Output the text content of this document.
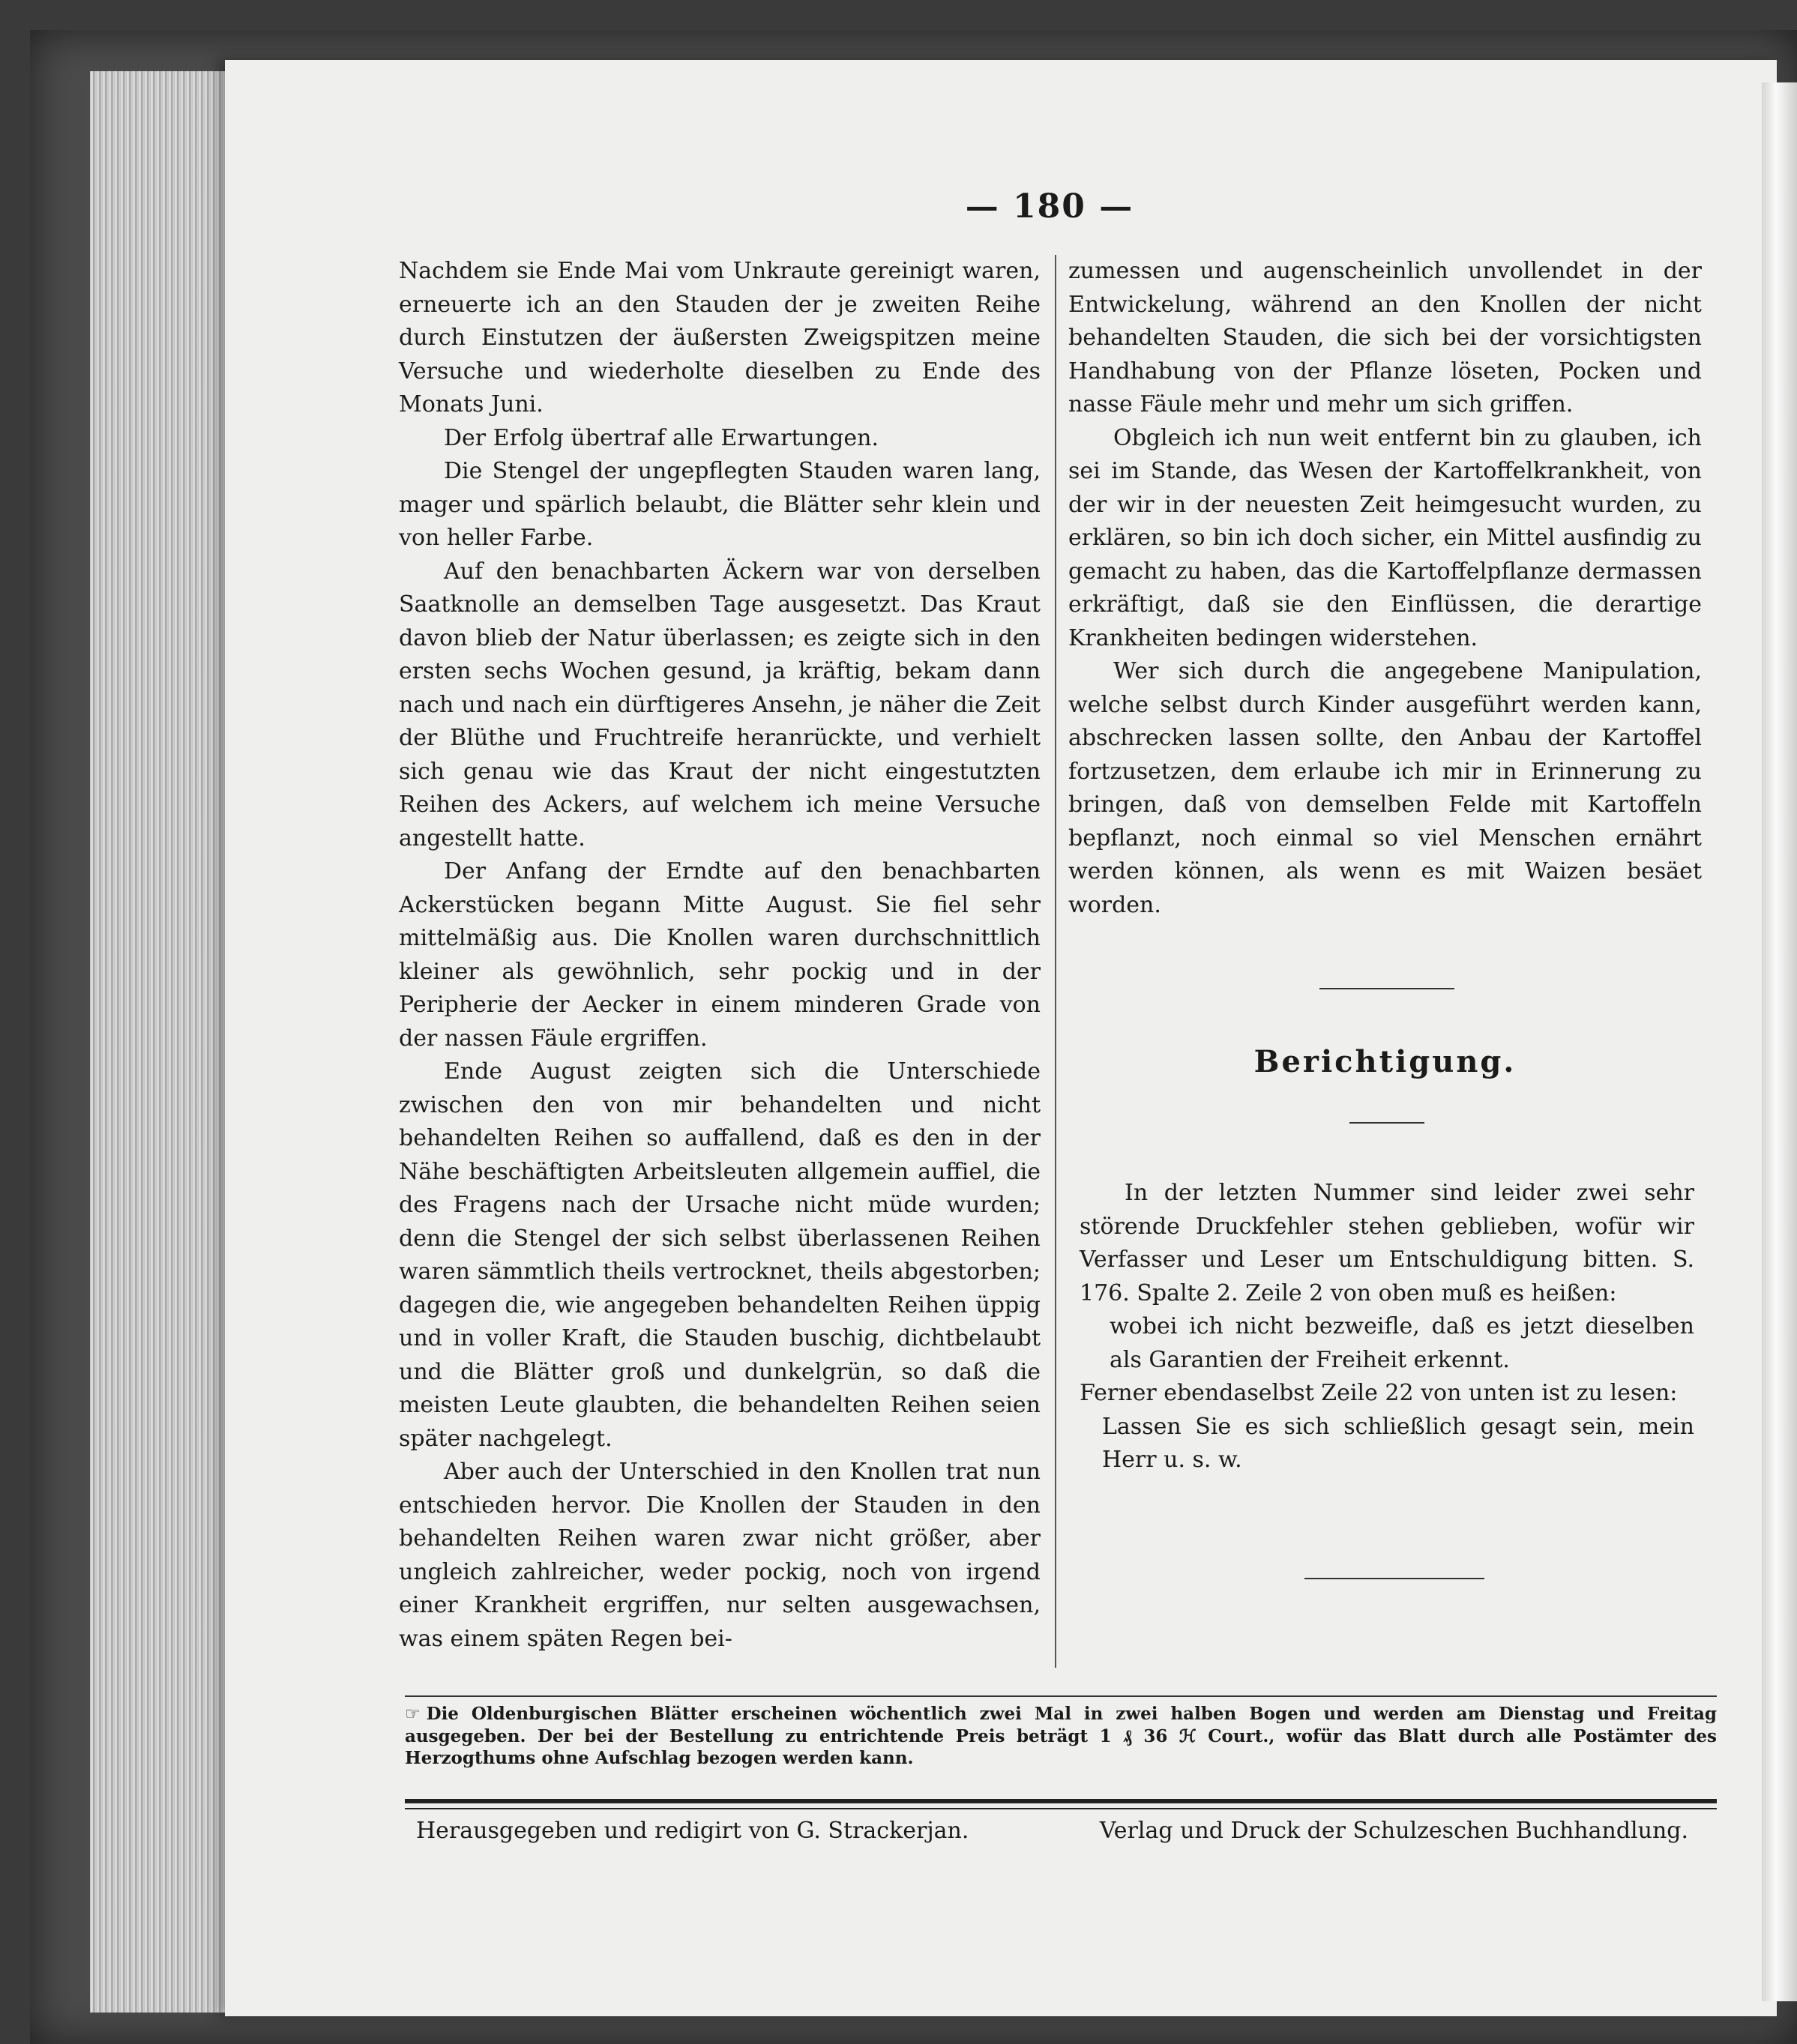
— 180 —

Nachdem sie Ende Mai vom Unkraute gereinigt waren, erneuerte ich an den Stauden der je zweiten Reihe durch Einstutzen der äußersten Zweigspitzen meine Versuche und wiederholte dieselben zu Ende des Monats Juni.

Der Erfolg übertraf alle Erwartungen.

Die Stengel der ungepflegten Stauden waren lang, mager und spärlich belaubt, die Blätter sehr klein und von heller Farbe.

Auf den benachbarten Äckern war von derselben Saatknolle an demselben Tage ausgesetzt. Das Kraut davon blieb der Natur überlassen; es zeigte sich in den ersten sechs Wochen gesund, ja kräftig, bekam dann nach und nach ein dürftigeres Ansehn, je näher die Zeit der Blüthe und Fruchtreife heranrückte, und verhielt sich genau wie das Kraut der nicht eingestutzten Reihen des Ackers, auf welchem ich meine Versuche angestellt hatte.

Der Anfang der Erndte auf den benachbarten Ackerstücken begann Mitte August. Sie fiel sehr mittelmäßig aus. Die Knollen waren durchschnittlich kleiner als gewöhnlich, sehr pockig und in der Peripherie der Aecker in einem minderen Grade von der nassen Fäule ergriffen.

Ende August zeigten sich die Unterschiede zwischen den von mir behandelten und nicht behandelten Reihen so auffallend, daß es den in der Nähe beschäftigten Arbeitsleuten allgemein auffiel, die des Fragens nach der Ursache nicht müde wurden; denn die Stengel der sich selbst überlassenen Reihen waren sämmtlich theils vertrocknet, theils abgestorben; dagegen die, wie angegeben behandelten Reihen üppig und in voller Kraft, die Stauden buschig, dichtbelaubt und die Blätter groß und dunkelgrün, so daß die meisten Leute glaubten, die behandelten Reihen seien später nachgelegt.

Aber auch der Unterschied in den Knollen trat nun entschieden hervor. Die Knollen der Stauden in den behandelten Reihen waren zwar nicht größer, aber ungleich zahlreicher, weder pockig, noch von irgend einer Krankheit ergriffen, nur selten ausgewachsen, was einem späten Regen bei-

zumessen und augenscheinlich unvollendet in der Entwickelung, während an den Knollen der nicht behandelten Stauden, die sich bei der vorsichtigsten Handhabung von der Pflanze löseten, Pocken und nasse Fäule mehr und mehr um sich griffen.

Obgleich ich nun weit entfernt bin zu glauben, ich sei im Stande, das Wesen der Kartoffelkrankheit, von der wir in der neuesten Zeit heimgesucht wurden, zu erklären, so bin ich doch sicher, ein Mittel ausfindig zu gemacht zu haben, das die Kartoffelpflanze dermassen erkräftigt, daß sie den Einflüssen, die derartige Krankheiten bedingen widerstehen.

Wer sich durch die angegebene Manipulation, welche selbst durch Kinder ausgeführt werden kann, abschrecken lassen sollte, den Anbau der Kartoffel fortzusetzen, dem erlaube ich mir in Erinnerung zu bringen, daß von demselben Felde mit Kartoffeln bepflanzt, noch einmal so viel Menschen ernährt werden können, als wenn es mit Waizen besäet worden.

Berichtigung.

In der letzten Nummer sind leider zwei sehr störende Druckfehler stehen geblieben, wofür wir Verfasser und Leser um Entschuldigung bitten. S. 176. Spalte 2. Zeile 2 von oben muß es heißen:

wobei ich nicht bezweifle, daß es jetzt dieselben als Garantien der Freiheit erkennt.

Ferner ebendaselbst Zeile 22 von unten ist zu lesen:

Lassen Sie es sich schließlich gesagt sein, mein Herr u. s. w.

☞ Die Oldenburgischen Blätter erscheinen wöchentlich zwei Mal in zwei halben Bogen und werden am Dienstag und Freitag ausgegeben. Der bei der Bestellung zu entrichtende Preis beträgt 1 ₰ 36 ℋ Court., wofür das Blatt durch alle Postämter des Herzogthums ohne Aufschlag bezogen werden kann.
Herausgegeben und redigirt von G. Strackerjan.	Verlag und Druck der Schulzeschen Buchhandlung.
